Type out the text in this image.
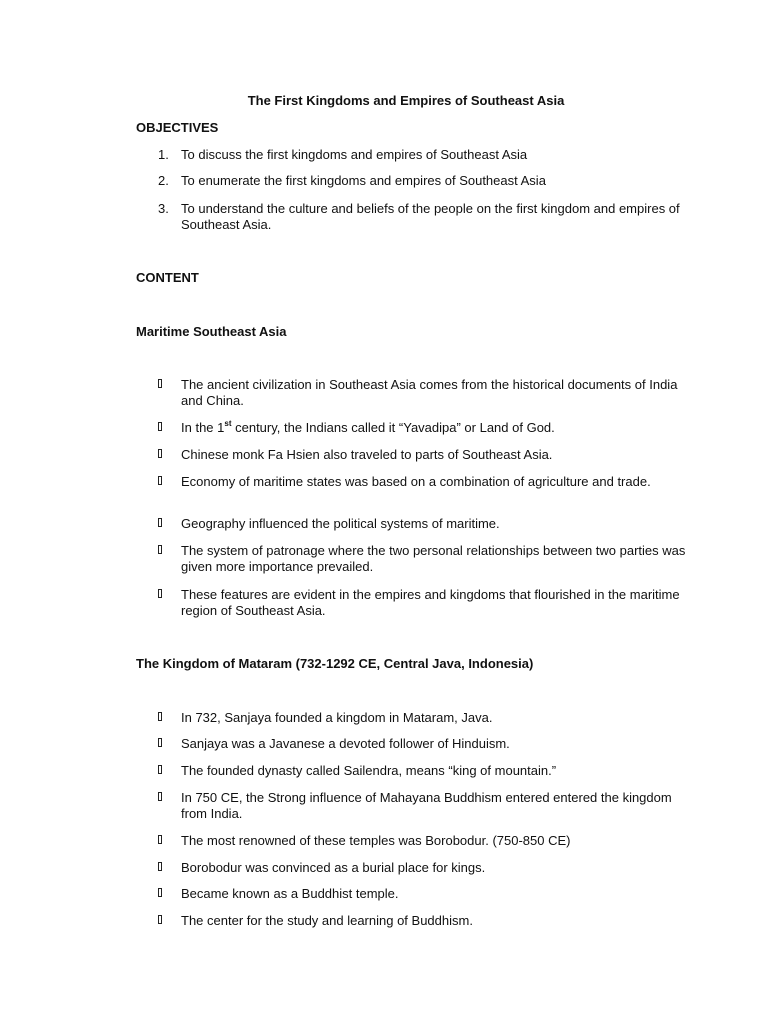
The First Kingdoms and Empires of Southeast Asia
OBJECTIVES
1. To discuss the first kingdoms and empires of Southeast Asia
2. To enumerate the first kingdoms and empires of Southeast Asia
3. To understand the culture and beliefs of the people on the first kingdom and empires of Southeast Asia.
CONTENT
Maritime Southeast Asia
The ancient civilization in Southeast Asia comes from the historical documents of India and China.
In the 1st century, the Indians called it “Yavadipa” or Land of God.
Chinese monk Fa Hsien also traveled to parts of Southeast Asia.
Economy of maritime states was based on a combination of agriculture and trade.
Geography influenced the political systems of maritime.
The system of patronage where the two personal relationships between two parties was given more importance prevailed.
These features are evident in the empires and kingdoms that flourished in the maritime region of Southeast Asia.
The Kingdom of Mataram (732-1292 CE, Central Java, Indonesia)
In 732, Sanjaya founded a kingdom in Mataram, Java.
Sanjaya was a Javanese a devoted follower of Hinduism.
The founded dynasty called Sailendra, means “king of mountain.”
In 750 CE, the Strong influence of Mahayana Buddhism entered entered the kingdom from India.
The most renowned of these temples was Borobodur. (750-850 CE)
Borobodur was convinced as a burial place for kings.
Became known as a Buddhist temple.
The center for the study and learning of Buddhism.
